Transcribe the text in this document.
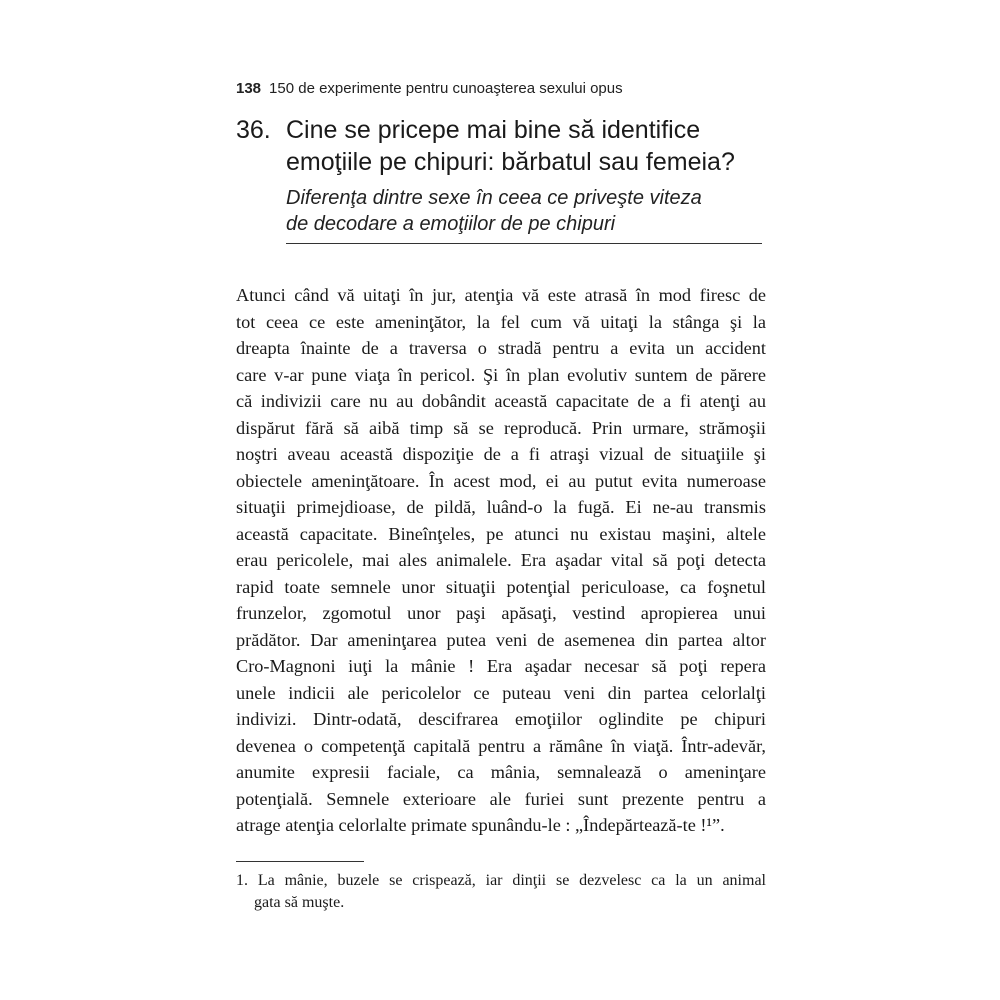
138 150 de experimente pentru cunoaşterea sexului opus
36. Cine se pricepe mai bine să identifice
emoţiile pe chipuri: bărbatul sau femeia?
Diferenţa dintre sexe în ceea ce priveşte viteza
de decodare a emoţiilor de pe chipuri
Atunci când vă uitaţi în jur, atenţia vă este atrasă în mod firesc de
tot ceea ce este ameninţător, la fel cum vă uitaţi la stânga şi la
dreapta înainte de a traversa o stradă pentru a evita un accident
care v-ar pune viaţa în pericol. Şi în plan evolutiv suntem de părere
că indivizii care nu au dobândit această capacitate de a fi atenţi au
dispărut fără să aibă timp să se reproducă. Prin urmare, strămoşii
noştri aveau această dispoziţie de a fi atraşi vizual de situaţiile şi
obiectele ameninţătoare. În acest mod, ei au putut evita numeroase
situaţii primejdioase, de pildă, luând-o la fugă. Ei ne-au transmis
această capacitate. Bineînţeles, pe atunci nu existau maşini, altele
erau pericolele, mai ales animalele. Era aşadar vital să poţi detecta
rapid toate semnele unor situaţii potenţial periculoase, ca foşnetul
frunzelor, zgomotul unor paşi apăsaţi, vestind apropierea unui
prădător. Dar ameninţarea putea veni de asemenea din partea altor
Cro-Magnoni iuţi la mânie ! Era aşadar necesar să poţi repera
unele indicii ale pericolelor ce puteau veni din partea celorlalţi
indivizi. Dintr-odată, descifrarea emoţiilor oglindite pe chipuri
devenea o competenţă capitală pentru a rămâne în viaţă. Într-adevăr,
anumite expresii faciale, ca mânia, semnalează o ameninţare
potenţială. Semnele exterioare ale furiei sunt prezente pentru a
atrage atenţia celorlalte primate spunându-le : „Îndepărtează-te !¹”.
1. La mânie, buzele se crispează, iar dinţii se dezvelesc ca la un animal
gata să muşte.
